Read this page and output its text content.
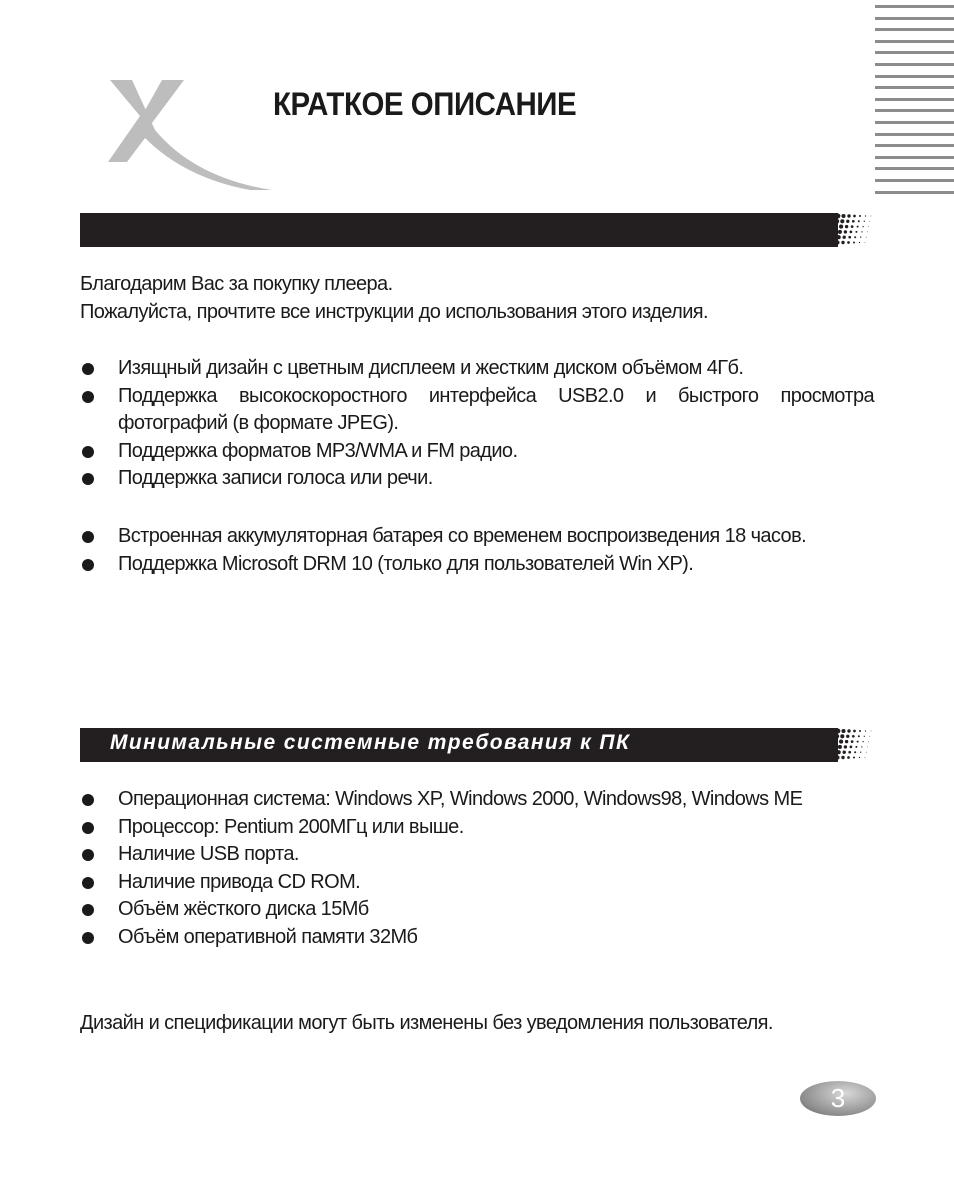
КРАТКОЕ ОПИСАНИЕ
Благодарим Вас за покупку плеера.
Пожалуйста, прочтите все инструкции до использования этого изделия.
Изящный дизайн с цветным дисплеем и жестким диском объёмом 4Гб.
Поддержка высокоскоростного интерфейса USB2.0 и быстрого просмотра фотографий (в формате JPEG).
Поддержка форматов MP3/WMA и FM радио.
Поддержка записи голоса или речи.
Встроенная аккумуляторная батарея со временем воспроизведения 18 часов.
Поддержка Microsoft DRM 10 (только для пользователей Win XP).
Минимальные системные требования к ПК
Операционная система: Windows XP, Windows 2000, Windows98, Windows ME
Процессор: Pentium 200МГц или выше.
Наличие USB порта.
Наличие привода CD ROM.
Объём жёсткого диска 15Мб
Объём оперативной памяти 32Мб
Дизайн и спецификации могут быть изменены без уведомления пользователя.
3
